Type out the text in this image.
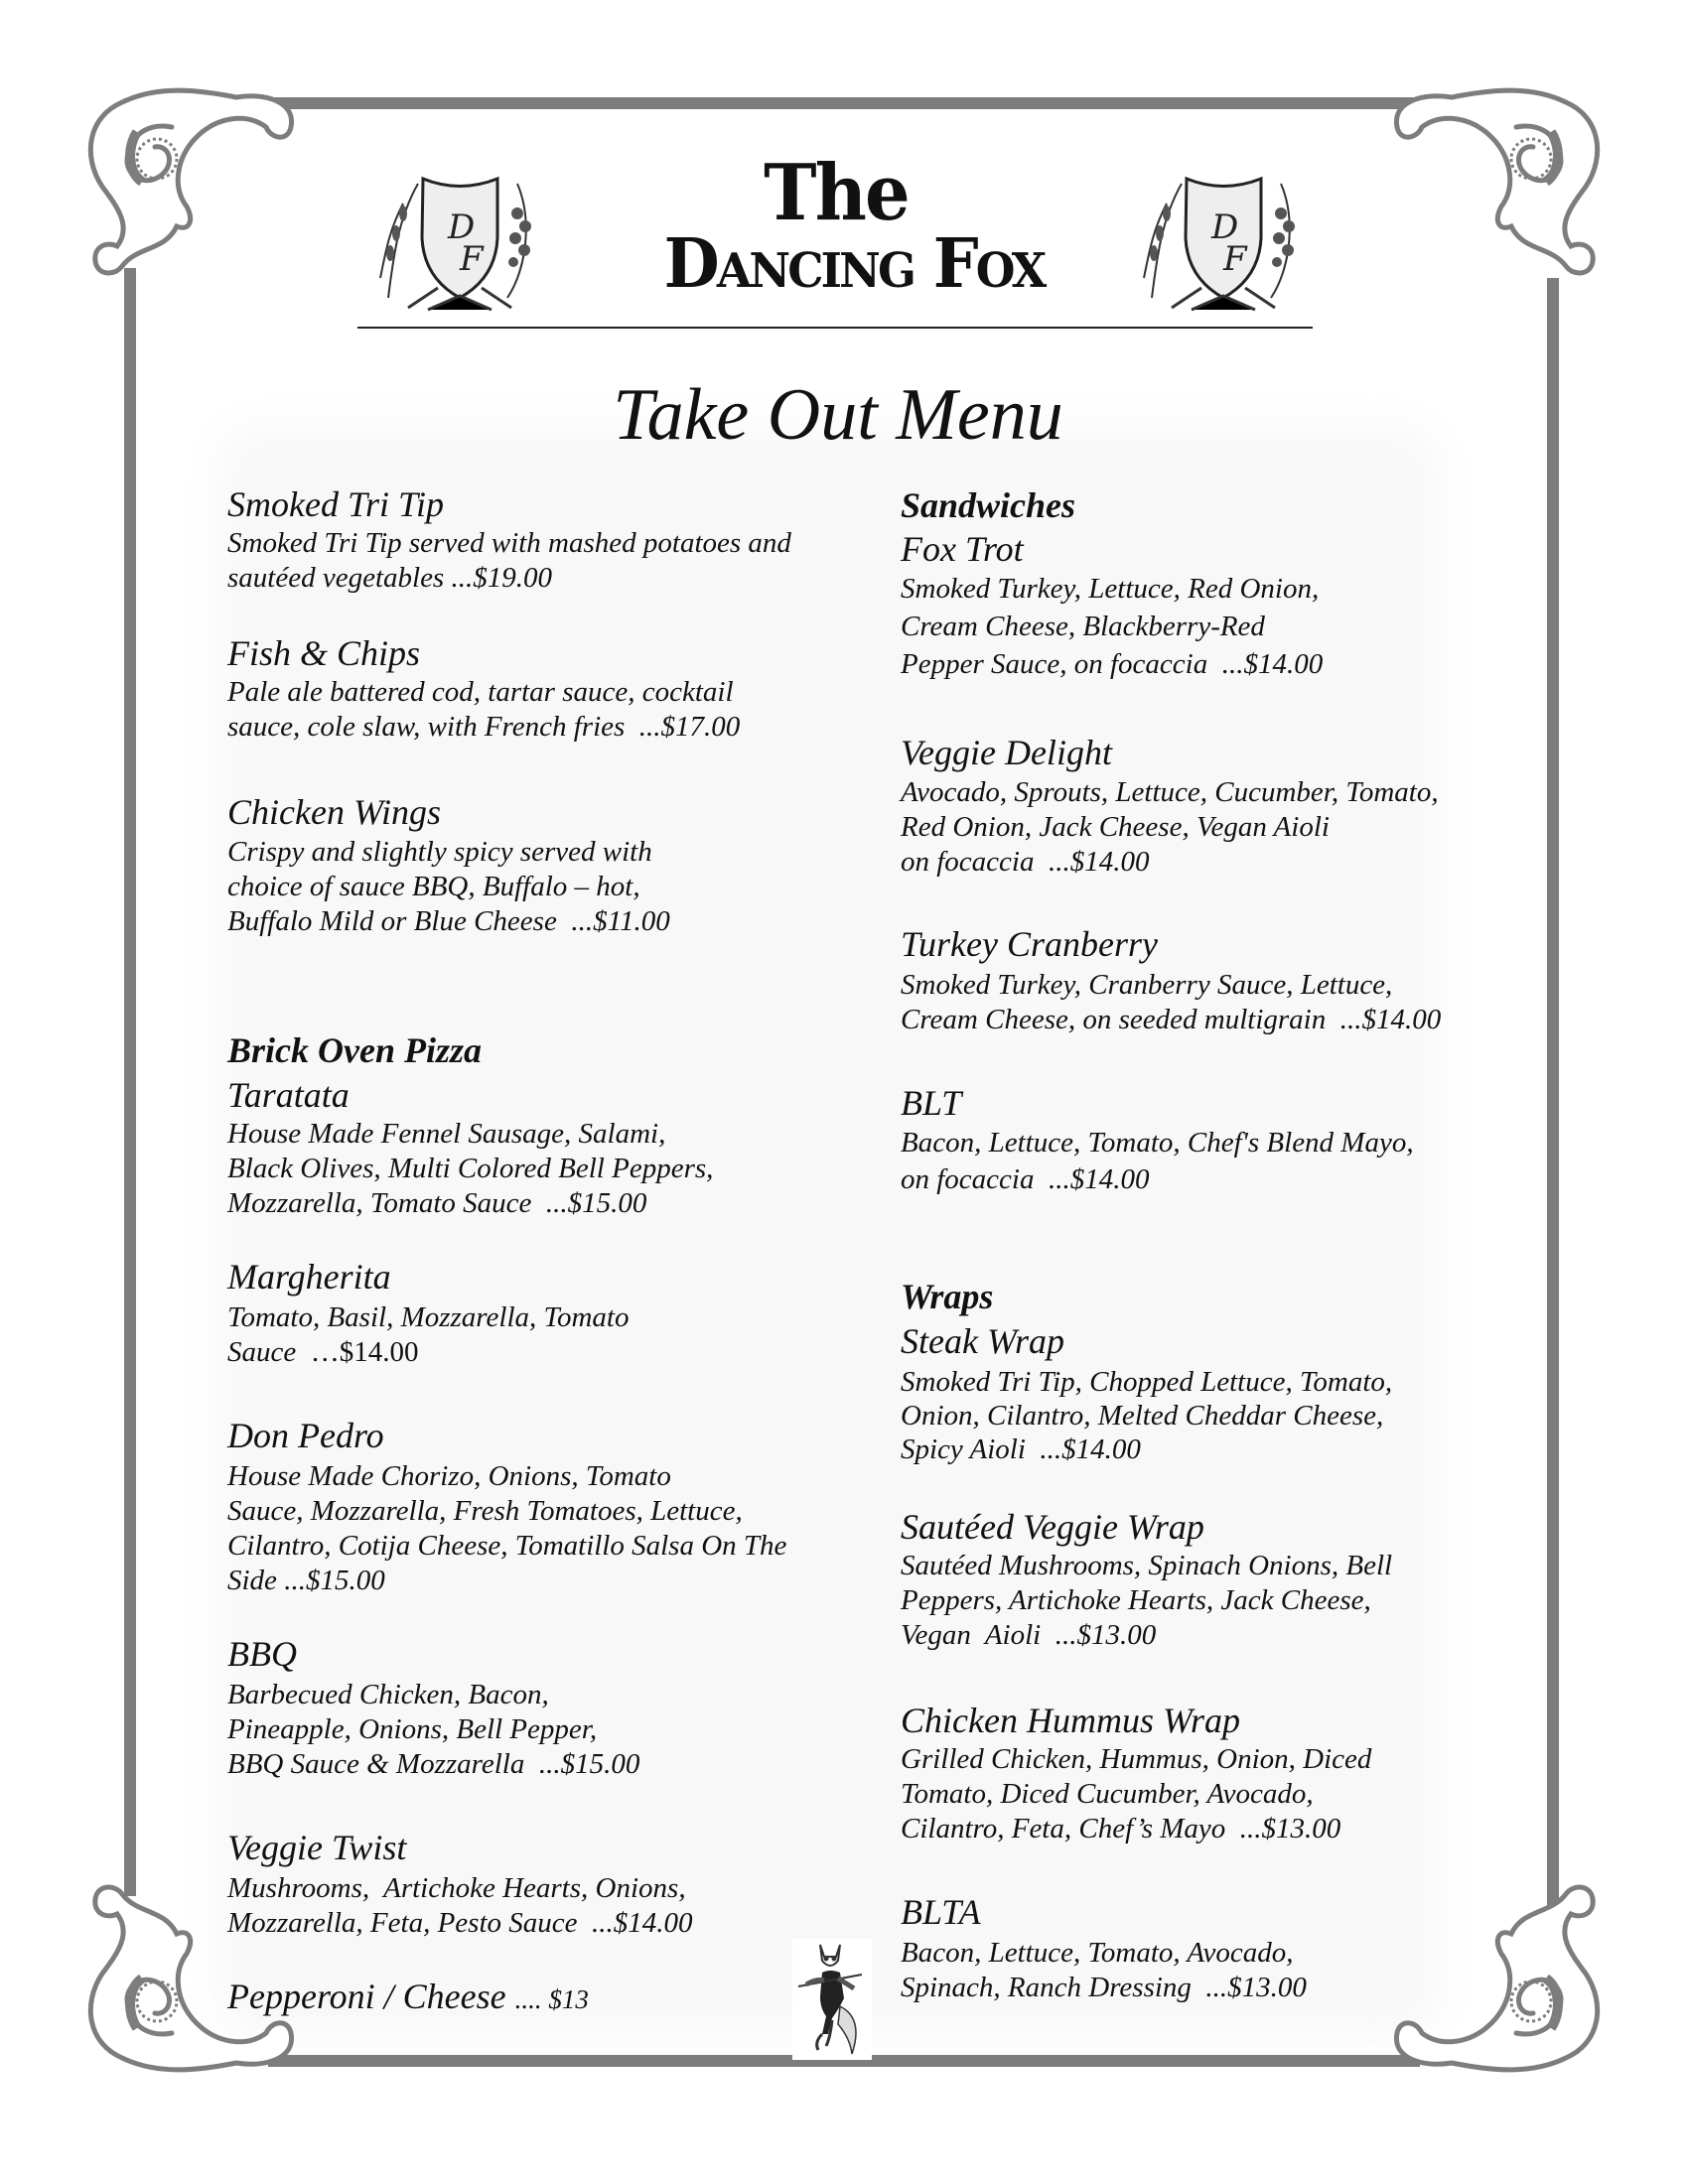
D
F
D
F
The
Dancing Fox
Take Out Menu
Smoked Tri Tip
Smoked Tri Tip served with mashed potatoes and
sautéed vegetables ...$19.00
Fish & Chips
Pale ale battered cod, tartar sauce, cocktail
sauce, cole slaw, with French fries ...$17.00
Chicken Wings
Crispy and slightly spicy served with
choice of sauce BBQ, Buffalo – hot,
Buffalo Mild or Blue Cheese ...$11.00
Brick Oven Pizza
Taratata
House Made Fennel Sausage, Salami,
Black Olives, Multi Colored Bell Peppers,
Mozzarella, Tomato Sauce ...$15.00
Margherita
Tomato, Basil, Mozzarella, Tomato
Sauce …$14.00
Don Pedro
House Made Chorizo, Onions, Tomato
Sauce, Mozzarella, Fresh Tomatoes, Lettuce,
Cilantro, Cotija Cheese, Tomatillo Salsa On The
Side ...$15.00
BBQ
Barbecued Chicken, Bacon,
Pineapple, Onions, Bell Pepper,
BBQ Sauce & Mozzarella ...$15.00
Veggie Twist
Mushrooms,  Artichoke Hearts, Onions,
Mozzarella, Feta, Pesto Sauce ...$14.00
Pepperoni / Cheese .... $13
Sandwiches
Fox Trot
Smoked Turkey, Lettuce, Red Onion,
Cream Cheese, Blackberry-Red
Pepper Sauce, on focaccia ...$14.00
Veggie Delight
Avocado, Sprouts, Lettuce, Cucumber, Tomato,
Red Onion, Jack Cheese, Vegan Aioli
on focaccia ...$14.00
Turkey Cranberry
Smoked Turkey, Cranberry Sauce, Lettuce,
Cream Cheese, on seeded multigrain ...$14.00
BLT
Bacon, Lettuce, Tomato, Chef's Blend Mayo,
on focaccia ...$14.00
Wraps
Steak Wrap
Smoked Tri Tip, Chopped Lettuce, Tomato,
Onion, Cilantro, Melted Cheddar Cheese,
Spicy Aioli ...$14.00
Sautéed Veggie Wrap
Sautéed Mushrooms, Spinach Onions, Bell
Peppers, Artichoke Hearts, Jack Cheese,
Vegan  Aioli ...$13.00
Chicken Hummus Wrap
Grilled Chicken, Hummus, Onion, Diced
Tomato, Diced Cucumber, Avocado,
Cilantro, Feta, Chef’s Mayo ...$13.00
BLTA
Bacon, Lettuce, Tomato, Avocado,
Spinach, Ranch Dressing ...$13.00
